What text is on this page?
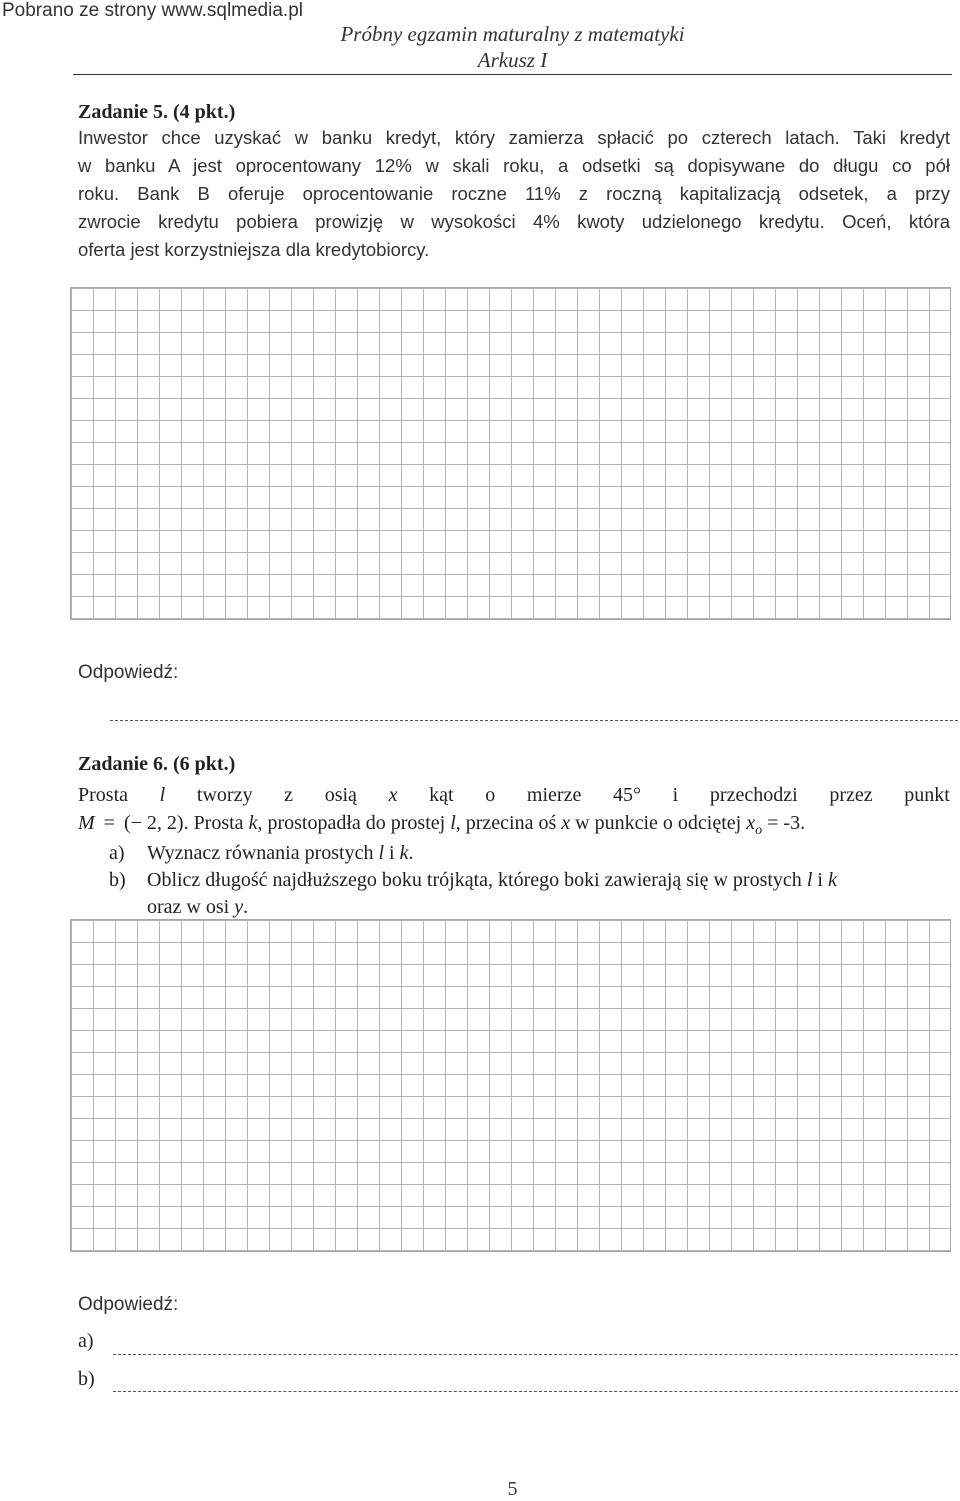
Pobrano ze strony www.sqlmedia.pl
Próbny egzamin maturalny z matematyki
Arkusz I
Zadanie 5. (4 pkt.)
Inwestor chce uzyskać w banku kredyt, który zamierza spłacić po czterech latach. Taki kredyt
w banku A jest oprocentowany 12% w skali roku, a odsetki są dopisywane do długu co pół
roku. Bank B oferuje oprocentowanie roczne 11% z roczną kapitalizacją odsetek, a przy
zwrocie kredytu pobiera prowizję w wysokości 4% kwoty udzielonego kredytu. Oceń, która
oferta jest korzystniejsza dla kredytobiorcy.
Odpowiedź:
Zadanie 6. (6 pkt.)
Prosta l tworzy z osią x kąt o mierze 45° i przechodzi przez punkt
M = (− 2, 2). Prosta k, prostopadła do prostej l, przecina oś x w punkcie o odciętej $x_o = -3$.
a) Wyznacz równania prostych l i k.
b) Oblicz długość najdłuższego boku trójkąta, którego boki zawierają się w prostych l i k
oraz w osi y.
Odpowiedź:
a)
b)
5
